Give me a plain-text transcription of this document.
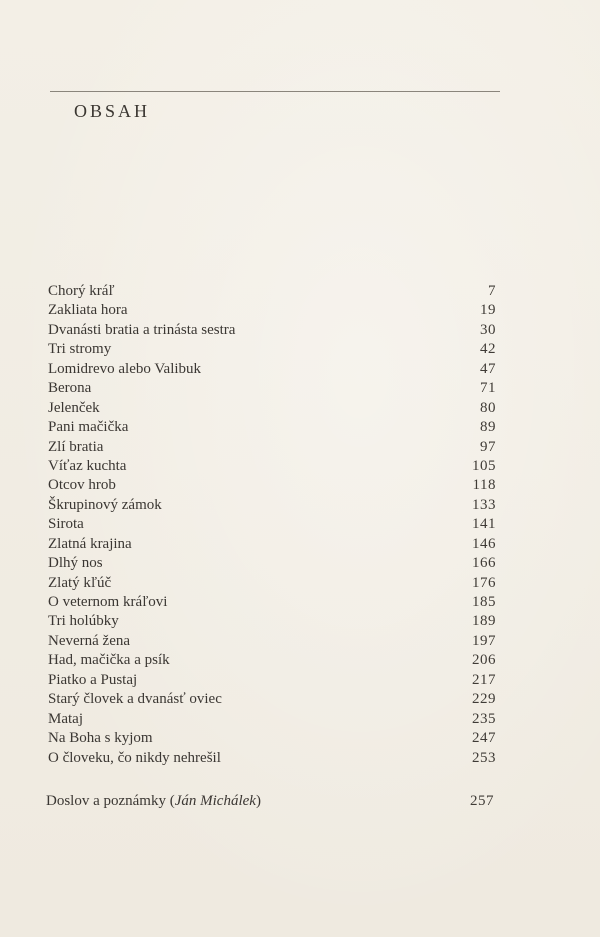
OBSAH
Chorý kráľ	7
Zakliata hora	19
Dvanásti bratia a trinásta sestra	30
Tri stromy	42
Lomidrevo alebo Valibuk	47
Berona	71
Jelenček	80
Pani mačička	89
Zlí bratia	97
Víťaz kuchta	105
Otcov hrob	118
Škrupinový zámok	133
Sirota	141
Zlatná krajina	146
Dlhý nos	166
Zlatý kľúč	176
O veternom kráľovi	185
Tri holúbky	189
Neverná žena	197
Had, mačička a psík	206
Piatko a Pustaj	217
Starý človek a dvanásť oviec	229
Mataj	235
Na Boha s kyjom	247
O človeku, čo nikdy nehrešil	253
Doslov a poznámky (Ján Michálek)	257
